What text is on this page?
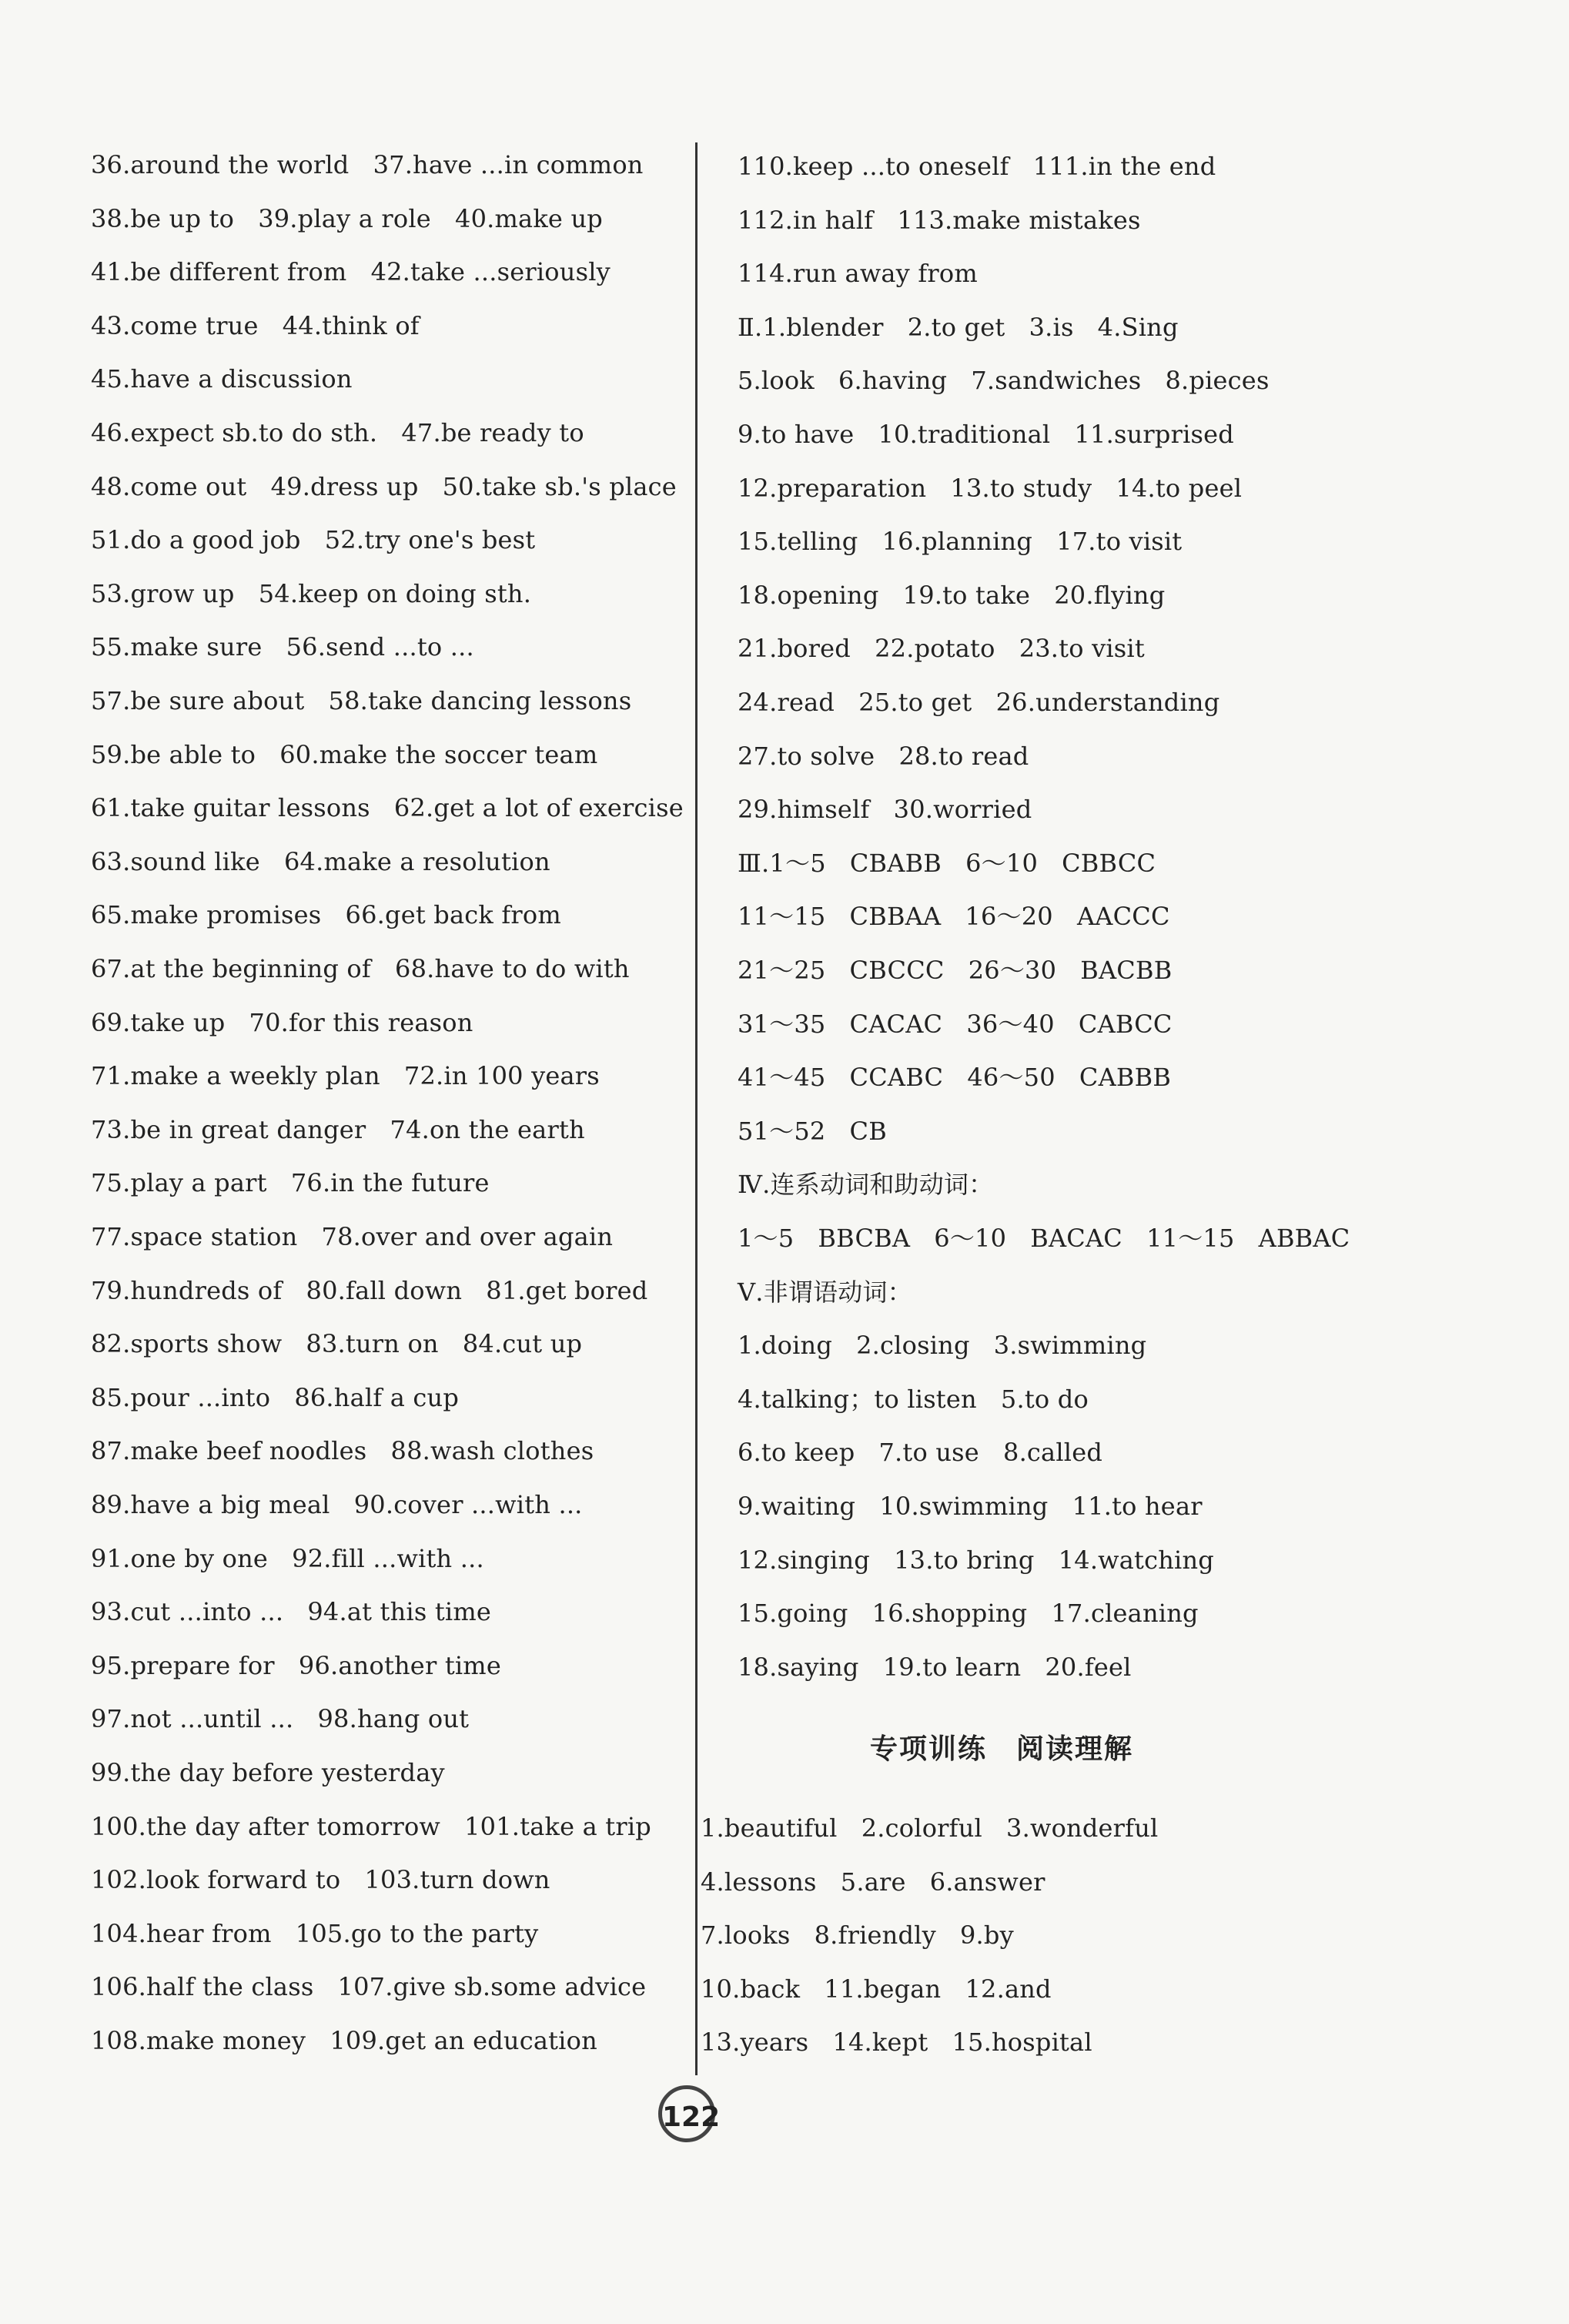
36.around the world   37.have ...in common
38.be up to   39.play a role   40.make up
41.be different from   42.take ...seriously
43.come true   44.think of
45.have a discussion
46.expect sb.to do sth.   47.be ready to
48.come out   49.dress up   50.take sb.'s place
51.do a good job   52.try one's best
53.grow up   54.keep on doing sth.
55.make sure   56.send ...to ...
57.be sure about   58.take dancing lessons
59.be able to   60.make the soccer team
61.take guitar lessons   62.get a lot of exercise
63.sound like   64.make a resolution
65.make promises   66.get back from
67.at the beginning of   68.have to do with
69.take up   70.for this reason
71.make a weekly plan   72.in 100 years
73.be in great danger   74.on the earth
75.play a part   76.in the future
77.space station   78.over and over again
79.hundreds of   80.fall down   81.get bored
82.sports show   83.turn on   84.cut up
85.pour ...into   86.half a cup
87.make beef noodles   88.wash clothes
89.have a big meal   90.cover ...with ...
91.one by one   92.fill ...with ...
93.cut ...into ...   94.at this time
95.prepare for   96.another time
97.not ...until ...   98.hang out
99.the day before yesterday
100.the day after tomorrow   101.take a trip
102.look forward to   103.turn down
104.hear from   105.go to the party
106.half the class   107.give sb.some advice
108.make money   109.get an education
110.keep ...to oneself   111.in the end
112.in half   113.make mistakes
114.run away from
Ⅱ.1.blender   2.to get   3.is   4.Sing
5.look   6.having   7.sandwiches   8.pieces
9.to have   10.traditional   11.surprised
12.preparation   13.to study   14.to peel
15.telling   16.planning   17.to visit
18.opening   19.to take   20.flying
21.bored   22.potato   23.to visit
24.read   25.to get   26.understanding
27.to solve   28.to read
29.himself   30.worried
Ⅲ.1～5   CBABB   6～10   CBBCC
11～15   CBBAA   16～20   AACCC
21～25   CBCCC   26～30   BACBB
31～35   CACAC   36～40   CABCC
41～45   CCABC   46～50   CABBB
51～52   CB
Ⅳ.连系动词和助动词：
1～5   BBCBA   6～10   BACAC   11～15   ABBAC
Ⅴ.非谓语动词：
1.doing   2.closing   3.swimming
4.talking；to listen   5.to do
6.to keep   7.to use   8.called
9.waiting   10.swimming   11.to hear
12.singing   13.to bring   14.watching
15.going   16.shopping   17.cleaning
18.saying   19.to learn   20.feel
1.beautiful   2.colorful   3.wonderful
4.lessons   5.are   6.answer
7.looks   8.friendly   9.by
10.back   11.began   12.and
13.years   14.kept   15.hospital
专项训练　阅读理解
122
